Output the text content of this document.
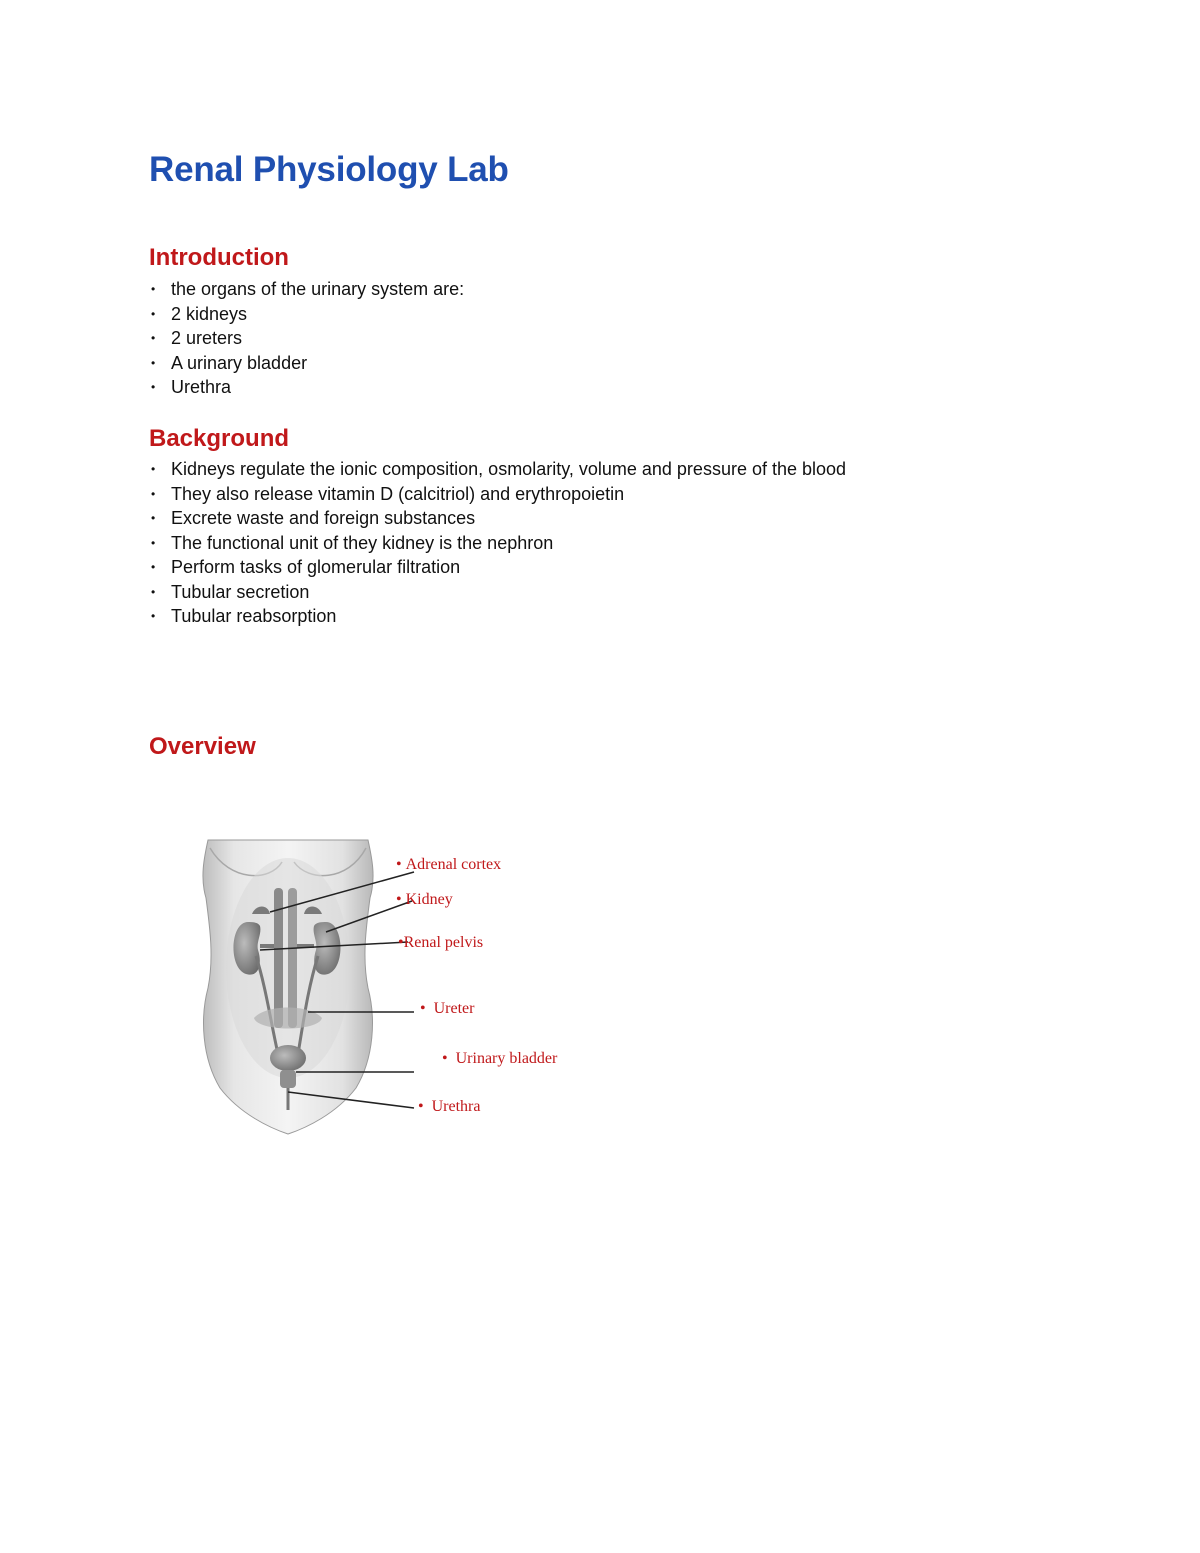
Renal Physiology Lab
Introduction
• the organs of the urinary system are:
• 2 kidneys
• 2 ureters
• A urinary bladder
• Urethra
Background
• Kidneys regulate the ionic composition, osmolarity, volume and pressure of the blood
• They also release vitamin D (calcitriol) and erythropoietin
• Excrete waste and foreign substances
• The functional unit of they kidney is the nephron
• Perform tasks of glomerular filtration
• Tubular secretion
• Tubular reabsorption
Overview
• Adrenal cortex
• Kidney
•Renal pelvis
• Ureter
• Urinary bladder
• Urethra
